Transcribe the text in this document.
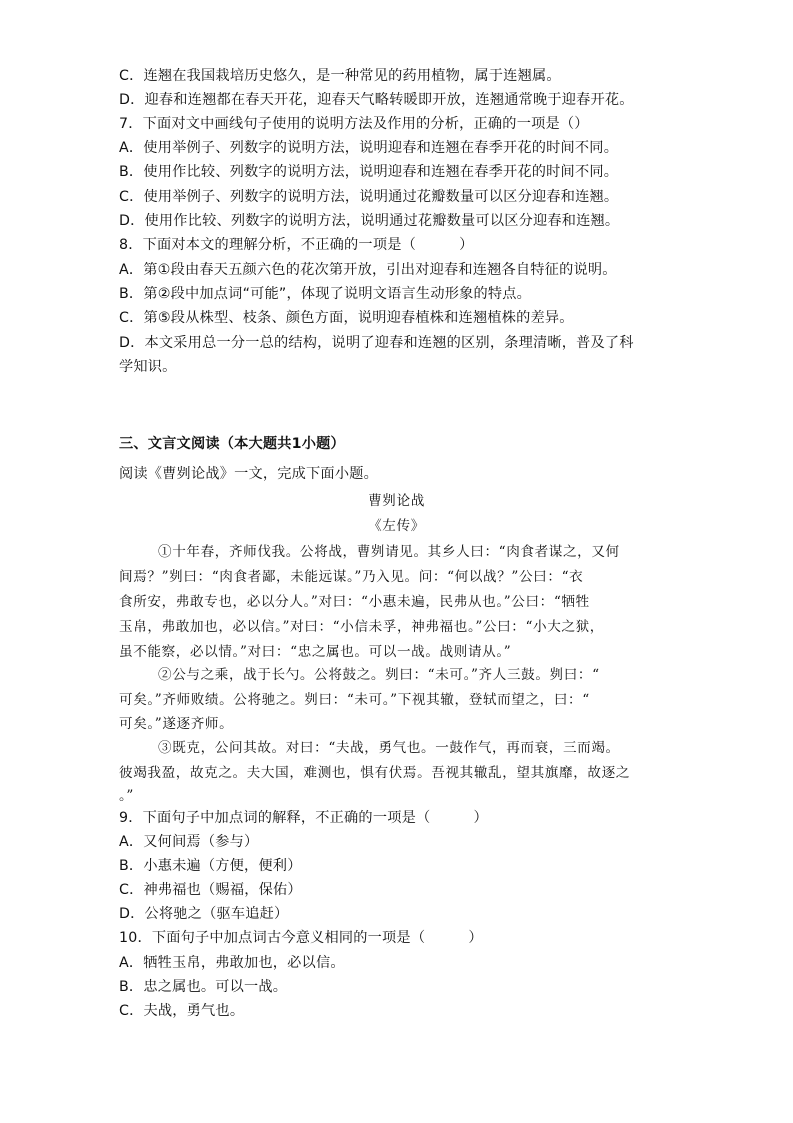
C．连翘在我国栽培历史悠久，是一种常见的药用植物，属于连翘属。
D．迎春和连翘都在春天开花，迎春天气略转暖即开放，连翘通常晚于迎春开花。
7．下面对文中画线句子使用的说明方法及作用的分析，正确的一项是（）
A．使用举例子、列数字的说明方法，说明迎春和连翘在春季开花的时间不同。
B．使用作比较、列数字的说明方法，说明迎春和连翘在春季开花的时间不同。
C．使用举例子、列数字的说明方法，说明通过花瓣数量可以区分迎春和连翘。
D．使用作比较、列数字的说明方法，说明通过花瓣数量可以区分迎春和连翘。
8．下面对本文的理解分析，不正确的一项是（　　　）
A．第①段由春天五颜六色的花次第开放，引出对迎春和连翘各自特征的说明。
B．第②段中加点词“可能”，体现了说明文语言生动形象的特点。
C．第⑤段从株型、枝条、颜色方面，说明迎春植株和连翘植株的差异。
D．本文采用总一分一总的结构，说明了迎春和连翘的区别，条理清晰，普及了科
学知识。
三、文言文阅读（本大题共1小题）
阅读《曹刿论战》一文，完成下面小题。
曹刿论战
《左传》
①十年春，齐师伐我。公将战，曹刿请见。其乡人曰：“肉食者谋之，又何
间焉？”刿曰：“肉食者鄙，未能远谋。”乃入见。问：“何以战？”公曰：“衣
食所安，弗敢专也，必以分人。”对曰：“小惠未遍，民弗从也。”公曰：“牺牲
玉帛，弗敢加也，必以信。”对曰：“小信未孚，神弗福也。”公曰：“小大之狱，
虽不能察，必以情。”对曰：“忠之属也。可以一战。战则请从。”
②公与之乘，战于长勺。公将鼓之。刿曰：“未可。”齐人三鼓。刿曰：“
可矣。”齐师败绩。公将驰之。刿曰：“未可。”下视其辙，登轼而望之，曰：“
可矣。”遂逐齐师。
③既克，公问其故。对曰：“夫战，勇气也。一鼓作气，再而衰，三而竭。
彼竭我盈，故克之。夫大国，难测也，惧有伏焉。吾视其辙乱，望其旗靡，故逐之
。”
9．下面句子中加点词的解释，不正确的一项是（　　　）
A．又何间焉（参与）
B．小惠未遍（方便，便利）
C．神弗福也（赐福，保佑）
D．公将驰之（驱车追赶）
10．下面句子中加点词古今意义相同的一项是（　　　）
A．牺牲玉帛，弗敢加也，必以信。
B．忠之属也。可以一战。
C．夫战，勇气也。
